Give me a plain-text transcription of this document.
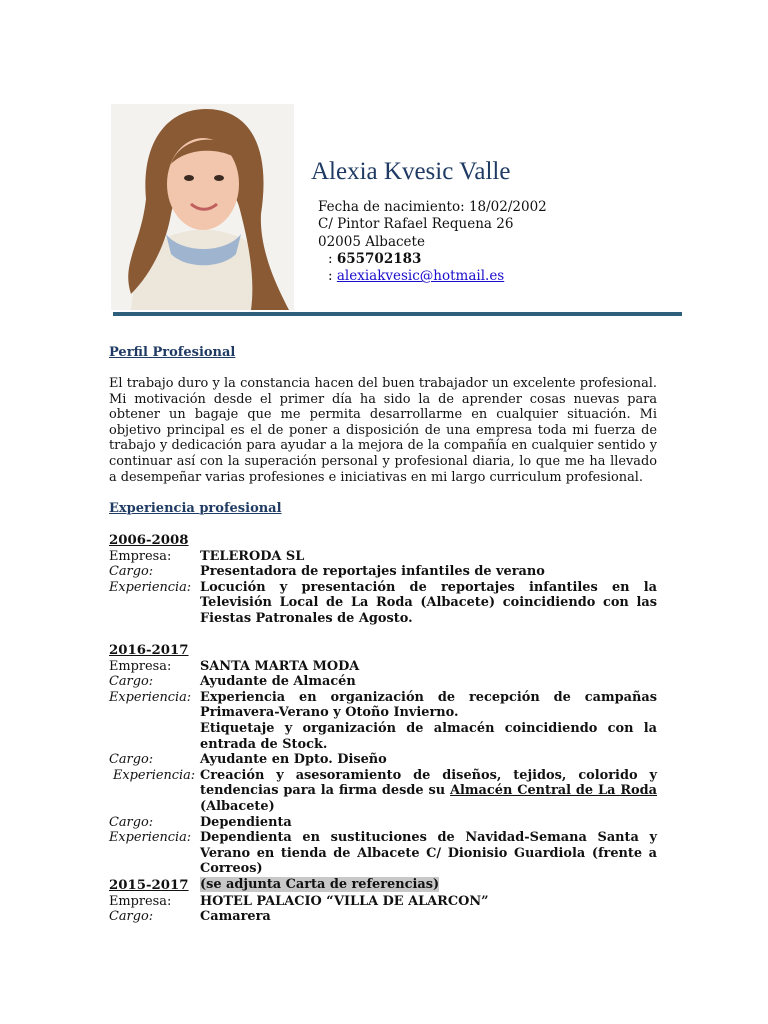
Alexia Kvesic Valle
Fecha de nacimiento: 18/02/2002
C/ Pintor Rafael Requena 26
02005 Albacete
: 655702183
: alexiakvesic@hotmail.es
Perfil Profesional

El trabajo duro y la constancia hacen del buen trabajador un excelente profesional. Mi motivación desde el primer día ha sido la de aprender cosas nuevas para obtener un bagaje que me permita desarrollarme en cualquier situación. Mi objetivo principal es el de poner a disposición de una empresa toda mi fuerza de trabajo y dedicación para ayudar a la mejora de la compañía en cualquier sentido y continuar así con la superación personal y profesional diaria, lo que me ha llevado a desempeñar varias profesiones e iniciativas en mi largo curriculum profesional.

Experiencia profesional
2006-2008
Empresa:	TELERODA SL
Cargo:	Presentadora de reportajes infantiles de verano
Experiencia: Locución y presentación de reportajes infantiles en la Televisión Local de La Roda (Albacete) coincidiendo con las Fiestas Patronales de Agosto.
2016-2017
Empresa:	SANTA MARTA MODA
Cargo:	Ayudante de Almacén
Experiencia: Experiencia en organización de recepción de campañas Primavera-Verano y Otoño Invierno.
Etiquetaje y organización de almacén coincidiendo con la entrada de Stock.
Cargo:	Ayudante en Dpto. Diseño
Experiencia: Creación y asesoramiento de diseños, tejidos, colorido y tendencias para la firma desde su Almacén Central de La Roda (Albacete)
Cargo:	Dependienta
Experiencia: Dependienta en sustituciones de Navidad-Semana Santa y Verano en tienda de Albacete C/ Dionisio Guardiola (frente a Correos)
(se adjunta Carta de referencias)
2015-2017
Empresa:	HOTEL PALACIO “VILLA DE ALARCON”
Cargo:	Camarera
